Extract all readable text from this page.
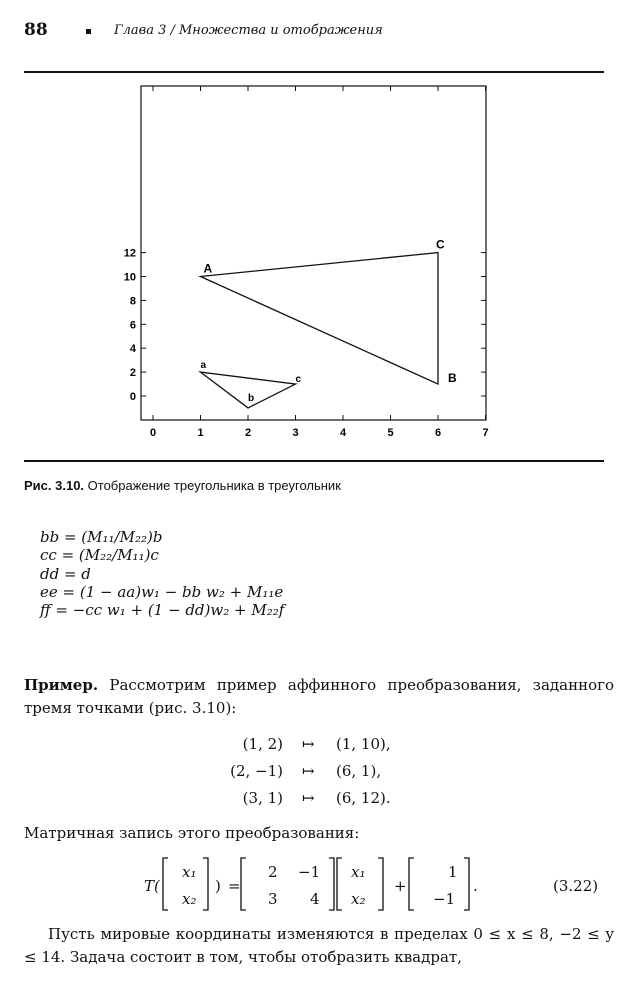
88	Глава 3 / Множества и отображения
0	1	2	3	4	5	6	7
0
2
4
6
8
10
12
A
B
C
a
b
c
Рис. 3.10. Отображение треугольника в треугольник
bb = (M₁₁/M₂₂)b
cc = (M₂₂/M₁₁)c
dd = d
ee = (1 − aa)w₁ − bb w₂ + M₁₁e
ff = −cc w₁ + (1 − dd)w₂ + M₂₂f
Пример. Рассмотрим пример аффинного преобразования, заданного тремя точками (рис. 3.10):
(1, 2) ↦ (1, 10),
(2, −1) ↦ (6, 1),
(3, 1) ↦ (6, 12).
Матричная запись этого преобразования:
T(
x₁
x₂
) =
2 −1
3 4
x₁
x₂
+
1
−1
.	(3.22)
Пусть мировые координаты изменяются в пределах 0 ≤ x ≤ 8, −2 ≤ y ≤ 14. Задача состоит в том, чтобы отобразить квадрат,
